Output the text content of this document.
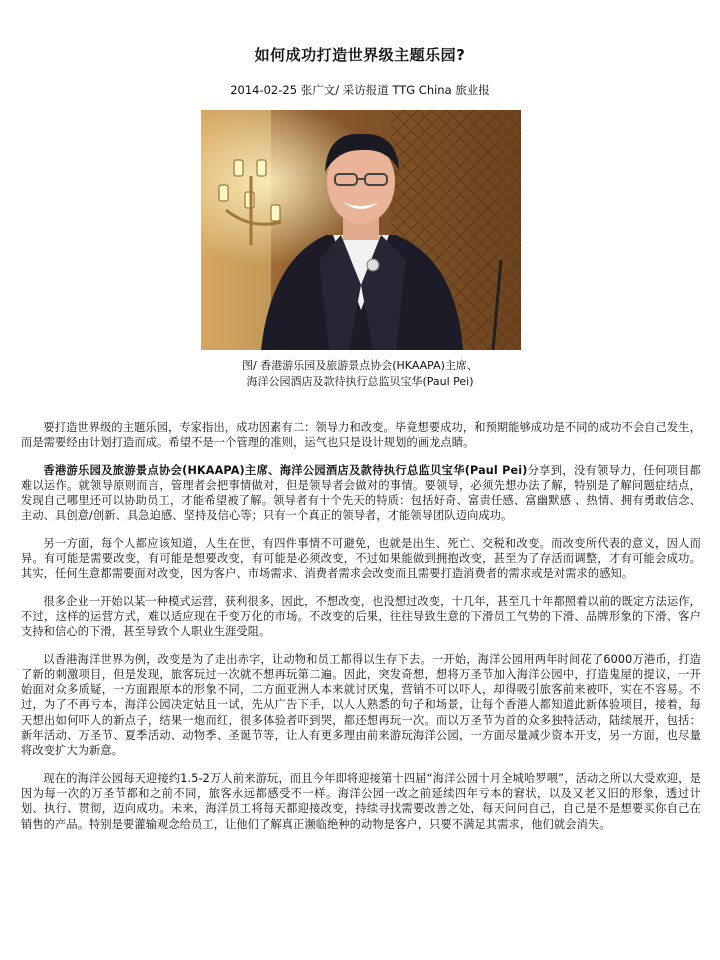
如何成功打造世界级主题乐园?
2014-02-25 张广文/ 采访报道 TTG China 旅业报
图/ 香港游乐园及旅游景点协会(HKAAPA)主席、
海洋公园酒店及款待执行总监贝宝华(Paul Pei)

要打造世界级的主题乐园，专家指出，成功因素有二：领导力和改变。毕竟想要成功，和预期能够成功是不同的成功不会自己发生，而是需要经由计划打造而成。希望不是一个管理的准则，运气也只是设计规划的画龙点睛。

香港游乐园及旅游景点协会(HKAAPA)主席、海洋公园酒店及款待执行总监贝宝华(Paul Pei)分享到，没有领导力，任何项目都难以运作。就领导原则而言，管理者会把事情做对，但是领导者会做对的事情。要领导，必须先想办法了解，特别是了解问题症结点，发现自己哪里还可以协助员工，才能希望被了解。领导者有十个先天的特质：包括好奇、富责任感、富幽默感 、热情、拥有勇敢信念、主动、具创意/创新、具急迫感、坚持及信心等；只有一个真正的领导者，才能领导团队迈向成功。

另一方面，每个人都应该知道，人生在世，有四件事情不可避免，也就是出生、死亡、交税和改变。而改变所代表的意义，因人而异。有可能是需要改变，有可能是想要改变，有可能是必须改变，不过如果能做到拥抱改变，甚至为了存活而调整，才有可能会成功。其实，任何生意都需要面对改变，因为客户、市场需求、消费者需求会改变而且需要打造消费者的需求或是对需求的感知。

很多企业一开始以某一种模式运营，获利很多，因此，不想改变，也没想过改变，十几年，甚至几十年都照着以前的既定方法运作，不过，这样的运营方式，难以适应现在千变万化的市场。不改变的后果，往往导致生意的下滑员工气势的下滑、品牌形象的下滑、客户支持和信心的下滑，甚至导致个人职业生涯受阻。

以香港海洋世界为例，改变是为了走出赤字，让动物和员工都得以生存下去。一开始，海洋公园用两年时间花了6000万港币，打造了新的刺激项目，但是发现，旅客玩过一次就不想再玩第二遍。因此，突发奇想，想将万圣节加入海洋公园中，打造鬼屋的提议，一开始面对众多质疑，一方面跟原本的形象不同，二方面亚洲人本来就讨厌鬼，营销不可以吓人，却得吸引旅客前来被吓，实在不容易。不过，为了不再亏本，海洋公园决定姑且一试，先从广告下手，以人人熟悉的句子和场景，让每个香港人都知道此新体验项目，接着，每天想出如何吓人的新点子，结果一炮而红，很多体验者吓到哭，都还想再玩一次。而以万圣节为首的众多独特活动，陆续展开，包括：新年活动、万圣节、夏季活动、动物季、圣诞节等，让人有更多理由前来游玩海洋公园，一方面尽量减少资本开支，另一方面，也尽量将改变扩大为新意。

现在的海洋公园每天迎接约1.5-2万人前来游玩，而且今年即将迎接第十四届“海洋公园十月全城哈罗喂”，活动之所以大受欢迎，是因为每一次的万圣节都和之前不同，旅客永远都感受不一样。海洋公园一改之前延续四年亏本的窘状，以及又老又旧的形象，透过计划、执行、贯彻，迈向成功。未来，海洋员工将每天都迎接改变，持续寻找需要改善之处，每天问问自己，自己是不是想要买你自己在销售的产品。特别是要灌输观念给员工，让他们了解真正濒临绝种的动物是客户，只要不满足其需求，他们就会消失。
